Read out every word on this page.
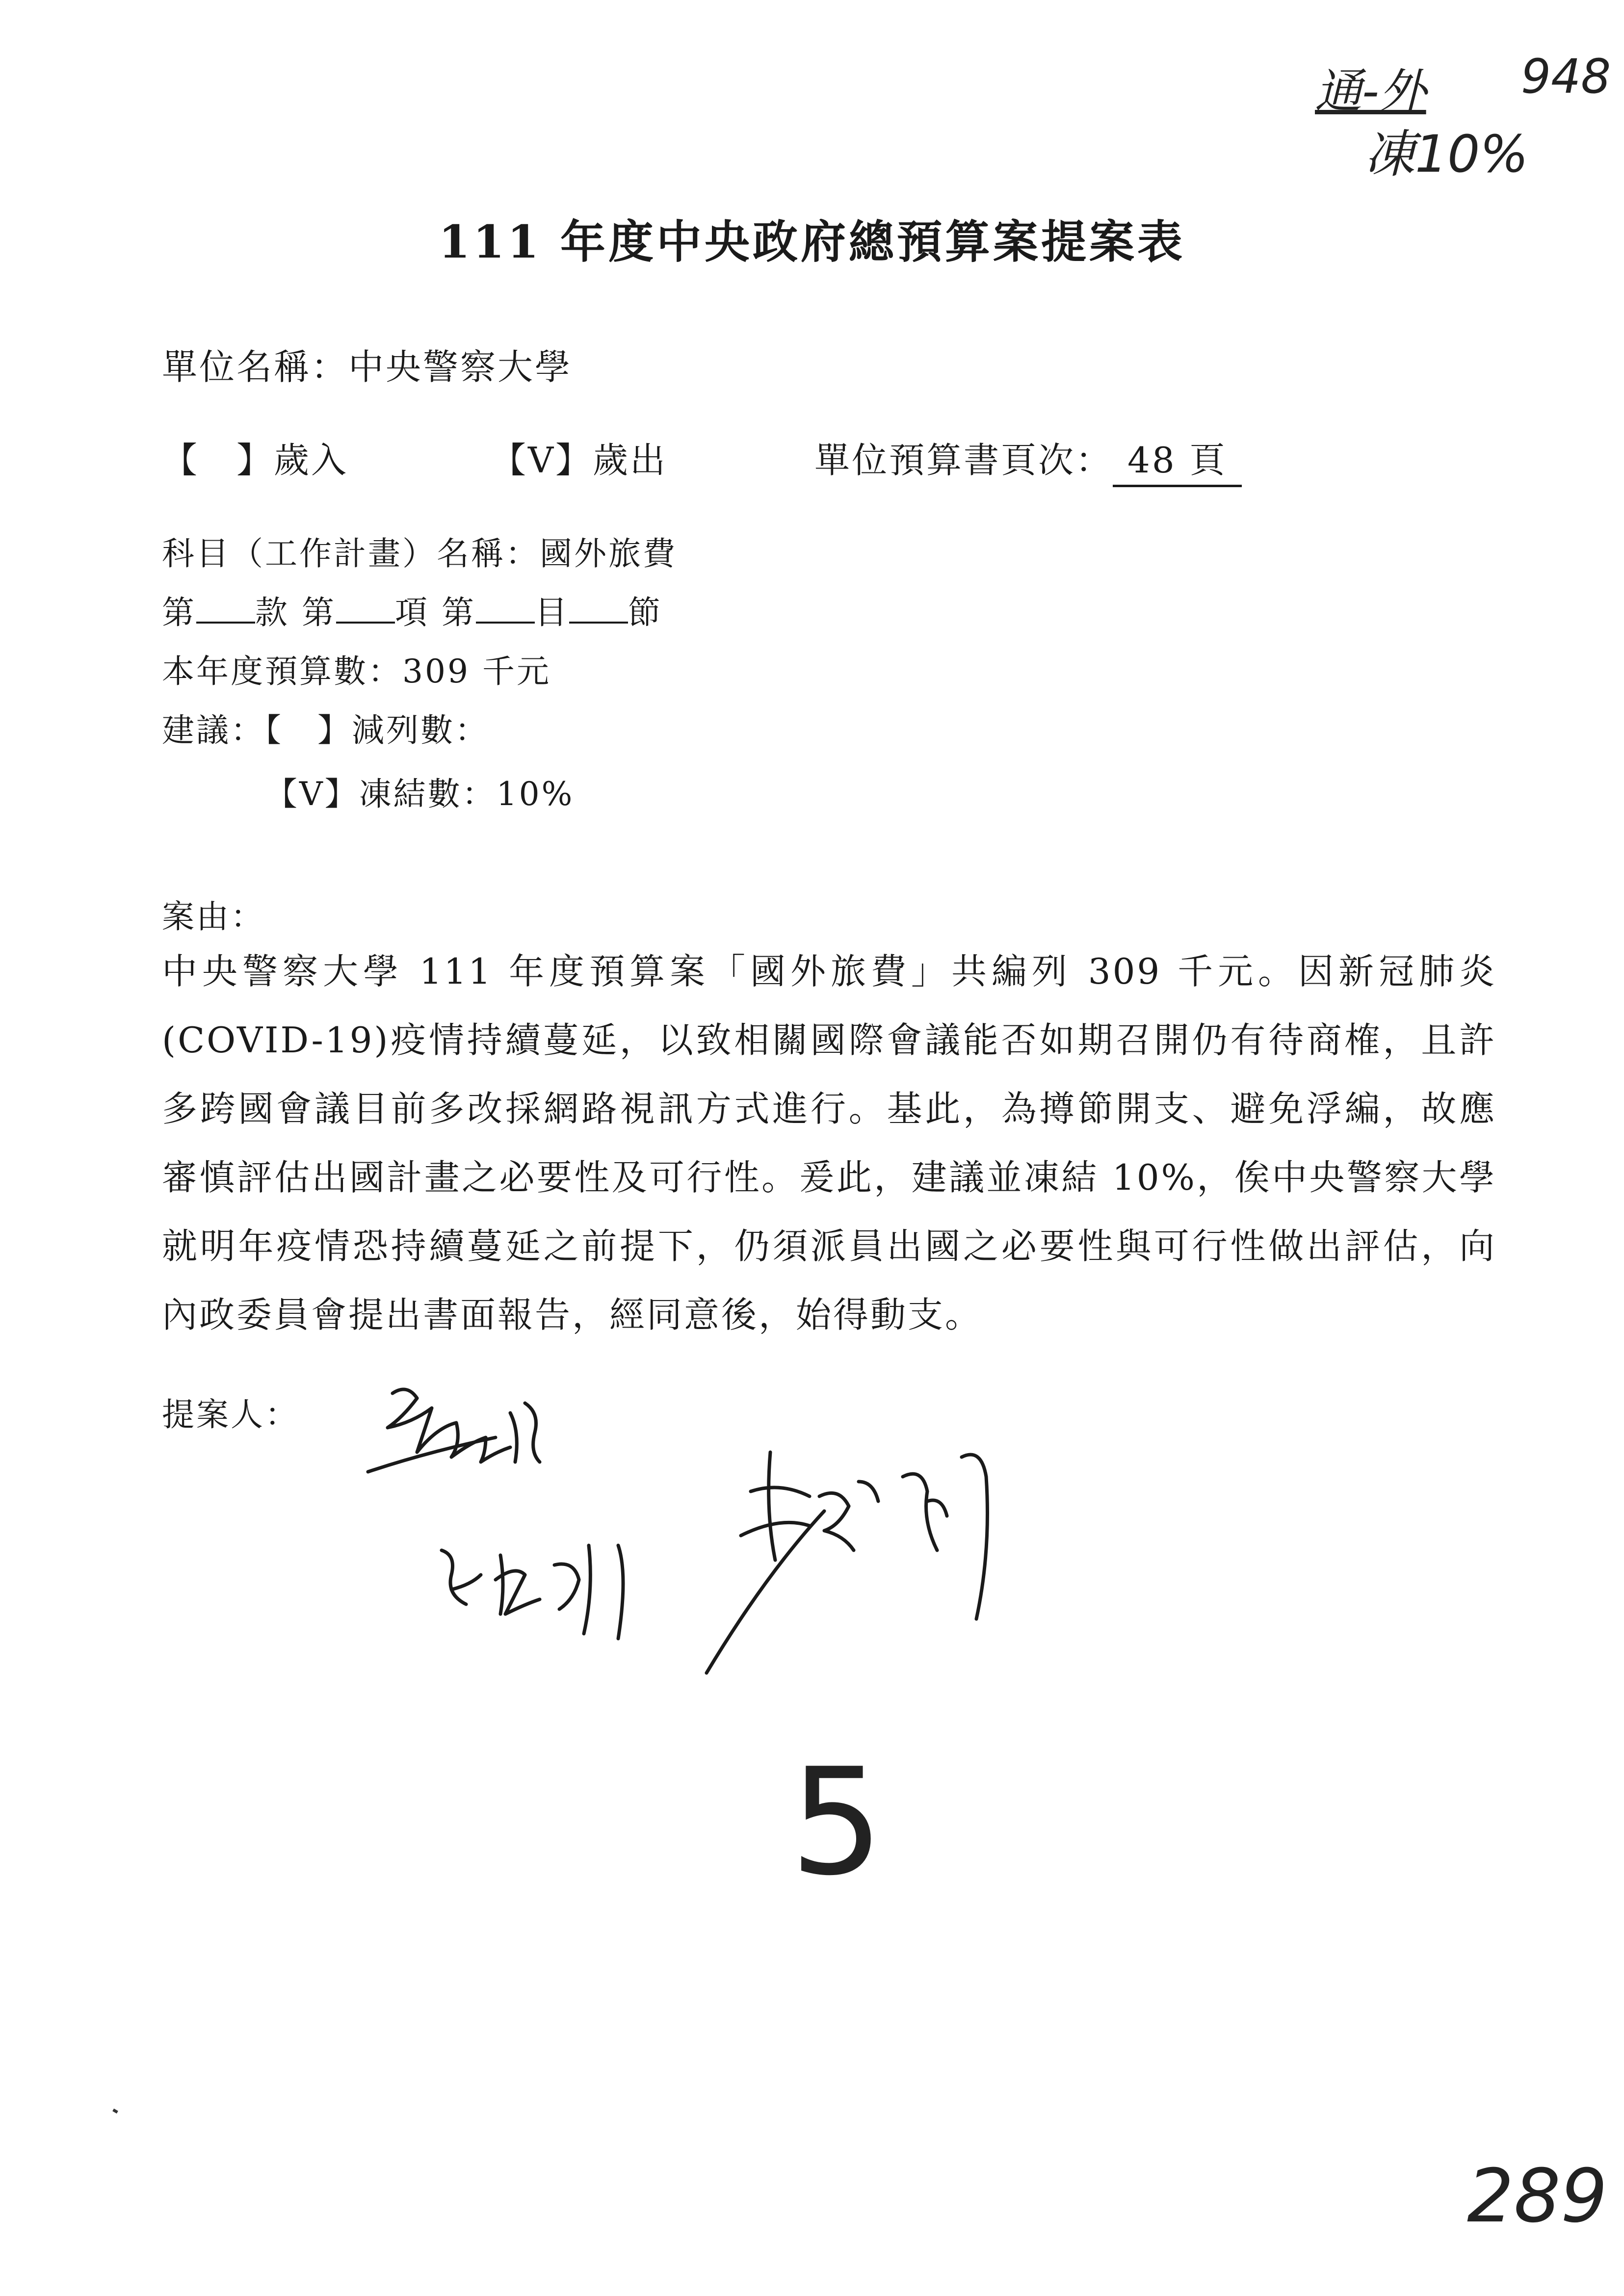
通-外 948
凍10%
111 年度中央政府總預算案提案表
單位名稱：中央警察大學
【　】歲入	【V】歲出	單位預算書頁次： 48 頁
科目（工作計畫）名稱：國外旅費
第 款 第 項 第 目 節
本年度預算數：309 千元
建議：【　】減列數：
【V】凍結數：10%
案由：
中央警察大學 111 年度預算案「國外旅費」共編列 309 千元。因新冠肺炎(COVID-19)疫情持續蔓延，以致相關國際會議能否如期召開仍有待商榷，且許多跨國會議目前多改採網路視訊方式進行。基此，為撙節開支、避免浮編，故應審慎評估出國計畫之必要性及可行性。爰此，建議並凍結 10%，俟中央警察大學就明年疫情恐持續蔓延之前提下，仍須派員出國之必要性與可行性做出評估，向內政委員會提出書面報告，經同意後，始得動支。
提案人：
5
289
